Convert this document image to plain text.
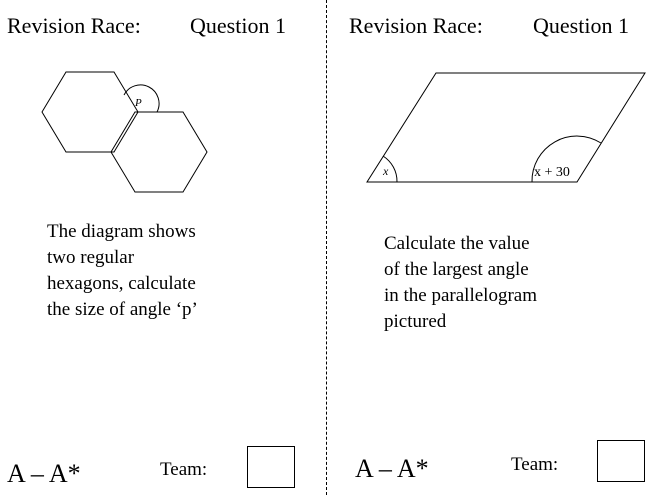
Revision Race: Question 1
P
The diagram shows
two regular
hexagons, calculate
the size of angle ‘p’
A – A*	Team:
Revision Race: Question 1
x	x + 30
Calculate the value
of the largest angle
in the parallelogram
pictured
A – A*	Team:
